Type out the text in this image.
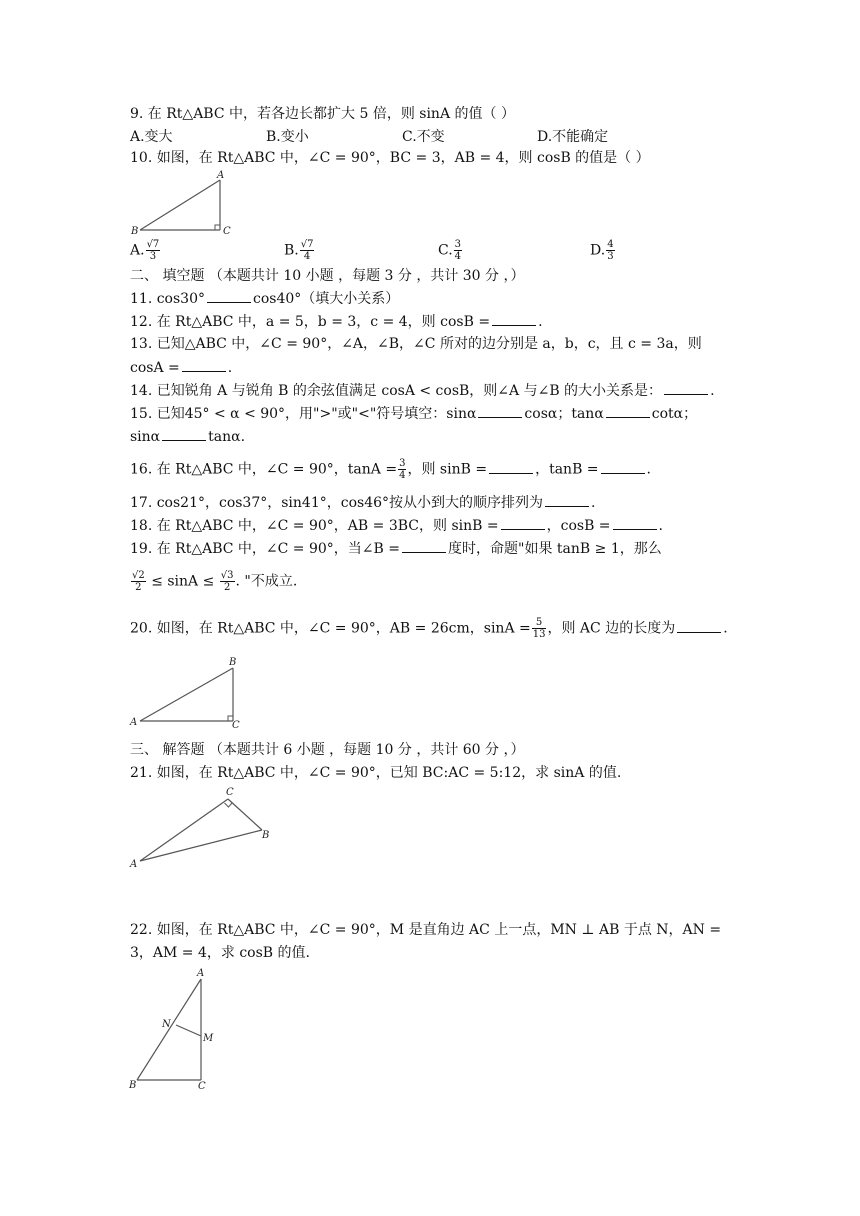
9. 在 Rt△ABC 中，若各边长都扩大 5 倍，则 sinA 的值（ ）
A.变大	B.变小	C.不变	D.不能确定
10. 如图，在 Rt△ABC 中，∠C = 90°，BC = 3，AB = 4，则 cosB 的值是（ ）
A
B	C
A. $\frac{√7}{3}$	B. $\frac{√7}{4}$	C. $\frac{3}{4}$	D. $\frac{4}{3}$
二、 填空题 （本题共计 10 小题 ，每题 3 分 ，共计 30 分 ，）
11. cos30°	cos40°（填大小关系）
12. 在 Rt△ABC 中，a = 5，b = 3，c = 4，则 cosB =	.
13. 已知△ABC 中，∠C = 90°，∠A，∠B，∠C 所对的边分别是 a，b，c，且 c = 3a，则
cosA =	.
14. 已知锐角 A 与锐角 B 的余弦值满足 cosA < cosB，则∠A 与∠B 的大小关系是：	.
15. 已知45° < α < 90°，用">"或"<"符号填空：sinα	cosα；tanα	cotα；
sinα	tanα.
16. 在 Rt△ABC 中，∠C = 90°，$\tan A = \frac{3}{4}$ ，则 sinB =	，tanB =	.
17. cos21°，cos37°，sin41°，cos46°按从小到大的顺序排列为	.
18. 在 Rt△ABC 中，∠C = 90°，AB = 3BC，则 sinB =	，cosB =	.
19. 在 Rt△ABC 中，∠C = 90°，当∠B =	度时，命题"如果 tanB ≥ 1，那么
$\frac{√2}{2} \le \sin A \le \frac{√3}{2}$ . "不成立.
20. 如图，在 Rt△ABC 中，∠C = 90°，AB = 26cm，$\sin A = \frac{5}{13}$ ，则 AC 边的长度为	.
B
A	C
三、 解答题 （本题共计 6 小题 ，每题 10 分 ，共计 60 分 ，）
21. 如图，在 Rt△ABC 中，∠C = 90°，已知 BC:AC = 5:12，求 sinA 的值.
C
B
A
22. 如图，在 Rt△ABC 中，∠C = 90°，M 是直角边 AC 上一点，MN ⊥ AB 于点 N，AN =
3，AM = 4，求 cosB 的值.
A
B	C
M
N
